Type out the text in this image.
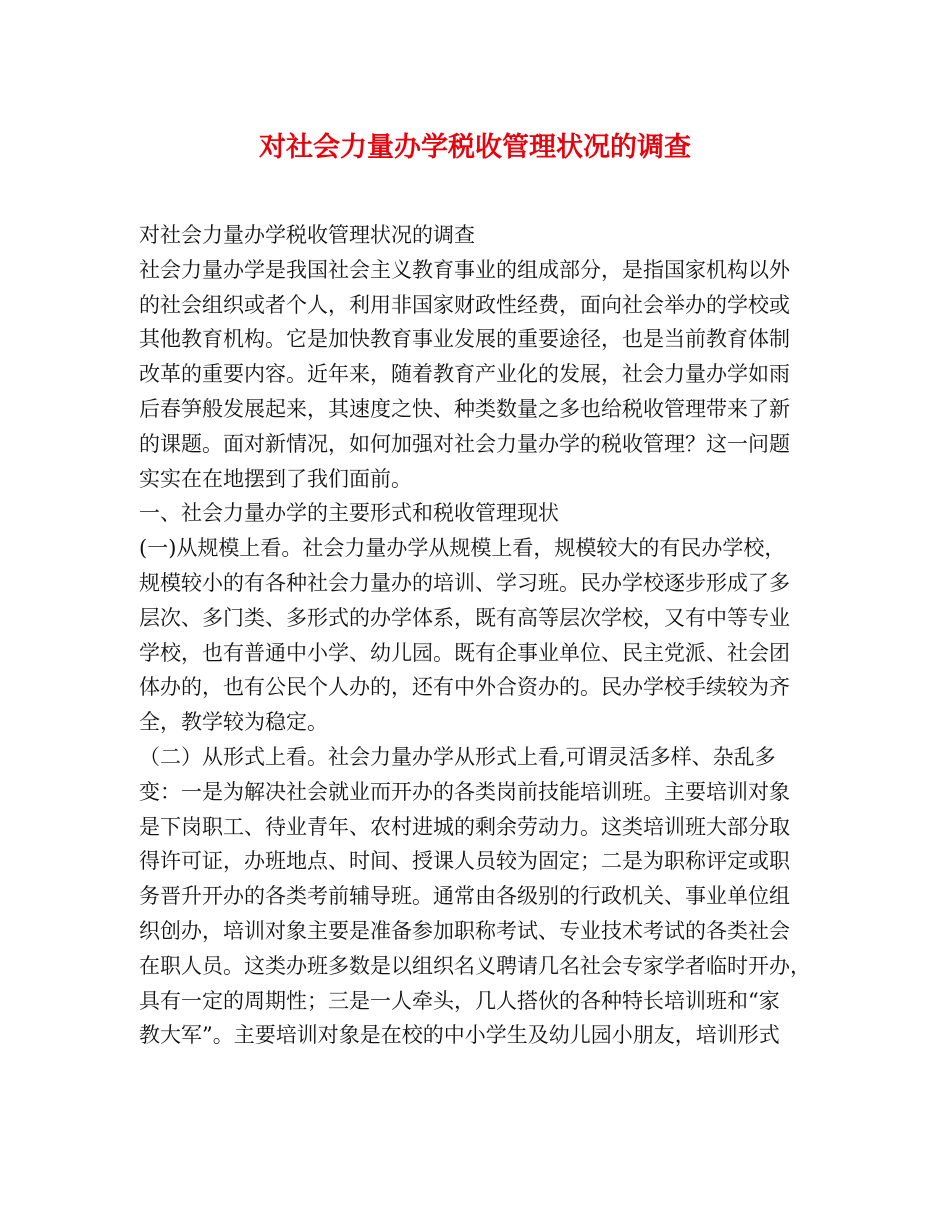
对社会力量办学税收管理状况的调查
对社会力量办学税收管理状况的调查
社会力量办学是我国社会主义教育事业的组成部分，是指国家机构以外
的社会组织或者个人，利用非国家财政性经费，面向社会举办的学校或
其他教育机构。它是加快教育事业发展的重要途径，也是当前教育体制
改革的重要内容。近年来，随着教育产业化的发展，社会力量办学如雨
后春笋般发展起来，其速度之快、种类数量之多也给税收管理带来了新
的课题。面对新情况，如何加强对社会力量办学的税收管理？这一问题
实实在在地摆到了我们面前。
一、社会力量办学的主要形式和税收管理现状
(一)从规模上看。社会力量办学从规模上看，规模较大的有民办学校，
规模较小的有各种社会力量办的培训、学习班。民办学校逐步形成了多
层次、多门类、多形式的办学体系，既有高等层次学校，又有中等专业
学校，也有普通中小学、幼儿园。既有企事业单位、民主党派、社会团
体办的，也有公民个人办的，还有中外合资办的。民办学校手续较为齐
全，教学较为稳定。
（二）从形式上看。社会力量办学从形式上看,可谓灵活多样、杂乱多
变：一是为解决社会就业而开办的各类岗前技能培训班。主要培训对象
是下岗职工、待业青年、农村进城的剩余劳动力。这类培训班大部分取
得许可证，办班地点、时间、授课人员较为固定；二是为职称评定或职
务晋升开办的各类考前辅导班。通常由各级别的行政机关、事业单位组
织创办，培训对象主要是准备参加职称考试、专业技术考试的各类社会
在职人员。这类办班多数是以组织名义聘请几名社会专家学者临时开办，
具有一定的周期性；三是一人牵头，几人搭伙的各种特长培训班和“家
教大军”。主要培训对象是在校的中小学生及幼儿园小朋友，培训形式
